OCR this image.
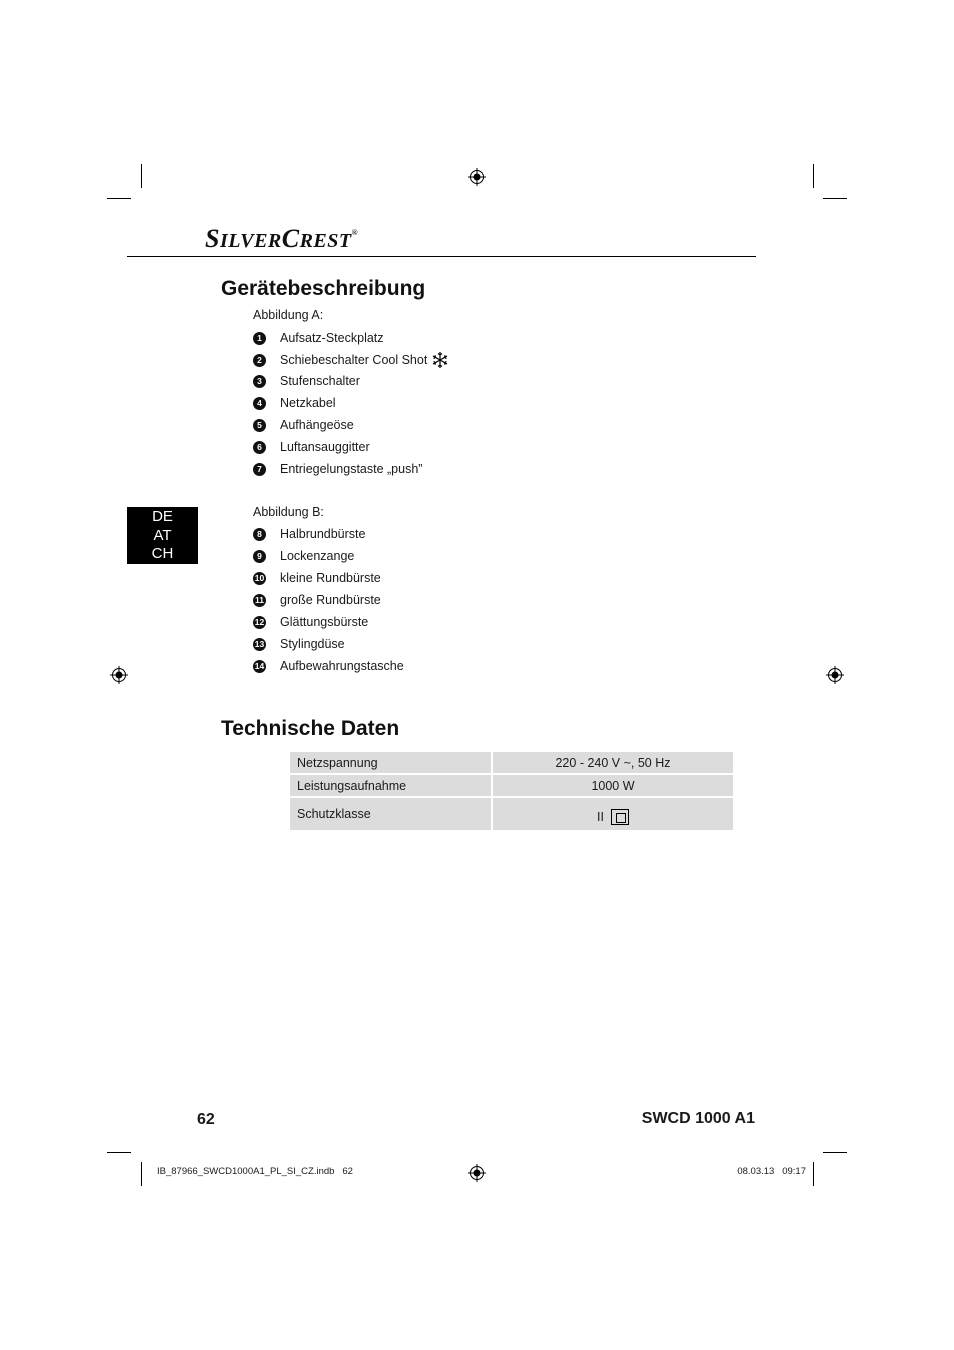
SILVERCREST®
Gerätebeschreibung
Abbildung A:
1	Aufsatz-Steckplatz
2	Schiebeschalter Cool Shot
3	Stufenschalter
4	Netzkabel
5	Aufhängeöse
6	Luftansauggitter
7	Entriegelungstaste „push”
DE
AT
CH
Abbildung B:
8	Halbrundbürste
9	Lockenzange
10 kleine Rundbürste
11 große Rundbürste
12 Glättungsbürste
13 Stylingdüse
14 Aufbewahrungstasche
Technische Daten
Netzspannung	220 - 240 V ~, 50 Hz
Leistungsaufnahme	1000 W
Schutzklasse	II
62	SWCD 1000 A1
IB_87966_SWCD1000A1_PL_SI_CZ.indb   62	08.03.13   09:17
